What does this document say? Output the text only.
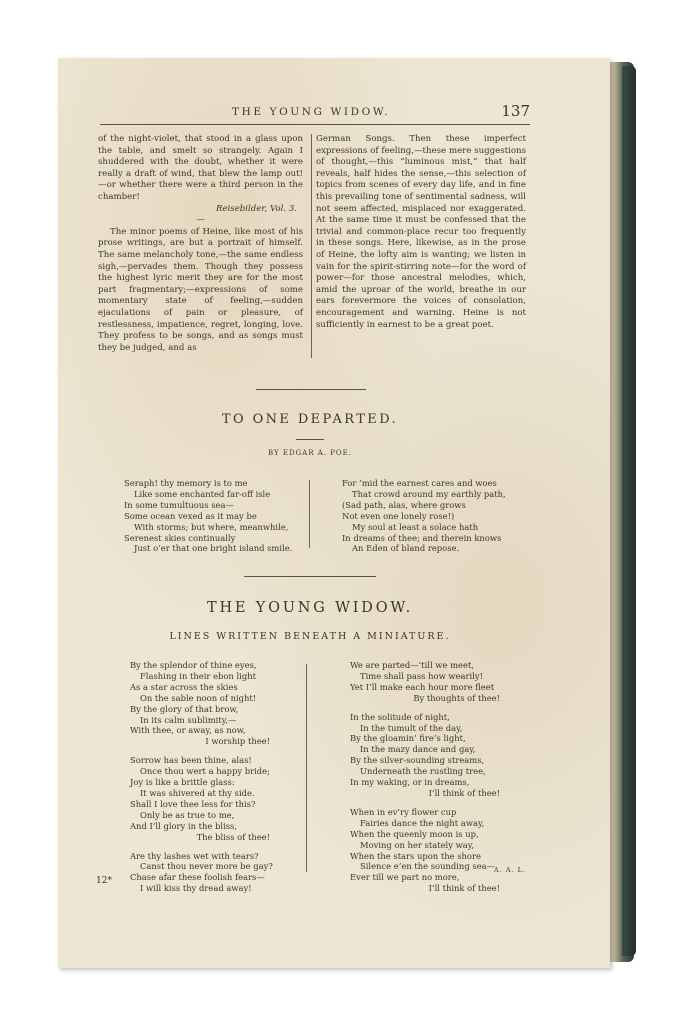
THE YOUNG WIDOW.	137

of the night-violet, that stood in a glass upon the table, and smelt so strangely. Again I shuddered with the doubt, whether it were really a draft of wind, that blew the lamp out!—or whether there were a third person in the chamber!

Reisebilder, Vol. 3.

—

The minor poems of Heine, like most of his prose writings, are but a portrait of himself. The same melancholy tone,—the same endless sigh,—pervades them. Though they possess the highest lyric merit they are for the most part fragmentary;—expressions of some momentary state of feeling,—sudden ejaculations of pain or pleasure, of restlessness, impatience, regret, longing, love. They profess to be songs, and as songs must they be judged, and as

German Songs. Then these imperfect expressions of feeling,—these mere suggestions of thought,—this “luminous mist,” that half reveals, half hides the sense,—this selection of topics from scenes of every day life, and in fine this prevailing tone of sentimental sadness, will not seem affected, misplaced nor exaggerated. At the same time it must be confessed that the trivial and common-place recur too frequently in these songs. Here, likewise, as in the prose of Heine, the lofty aim is wanting; we listen in vain for the spirit-stirring note—for the word of power—for those ancestral melodies, which, amid the uproar of the world, breathe in our ears forevermore the voices of consolation, encouragement and warning. Heine is not sufficiently in earnest to be a great poet.

TO ONE DEPARTED.
BY EDGAR A. POE.
Seraph! thy memory is to me
Like some enchanted far-off isle
In some tumultuous sea—
Some ocean vexed as it may be
With storms; but where, meanwhile,
Serenest skies continually
Just o’er that one bright island smile.
For ’mid the earnest cares and woes
That crowd around my earthly path,
(Sad path, alas, where grows
Not even one lonely rose!)
My soul at least a solace hath
In dreams of thee; and therein knows
An Eden of bland repose.
THE YOUNG WIDOW.
LINES WRITTEN BENEATH A MINIATURE.
By the splendor of thine eyes,
Flashing in their ebon light
As a star across the skies
On the sable noon of night!
By the glory of that brow,
In its calm sublimity,—
With thee, or away, as now,
I worship thee!
Sorrow has been thine, alas!
Once thou wert a happy bride;
Joy is like a brittle glass:
It was shivered at thy side.
Shall I love thee less for this?
Only be as true to me,
And I’ll glory in the bliss,
The bliss of thee!
Are thy lashes wet with tears?
Canst thou never more be gay?
Chase afar these foolish fears—
I will kiss thy dread away!
We are parted—’till we meet,
Time shall pass how wearily!
Yet I’ll make each hour more fleet
By thoughts of thee!
In the solitude of night,
In the tumult of the day,
By the gloamin’ fire’s light,
In the mazy dance and gay,
By the silver-sounding streams,
Underneath the rustling tree,
In my waking, or in dreams,
I’ll think of thee!
When in ev’ry flower cup
Fairies dance the night away,
When the queenly moon is up,
Moving on her stately way,
When the stars upon the shore
Silence e’en the sounding sea—
Ever till we part no more,
I’ll think of thee!
A. A. L.
12*
